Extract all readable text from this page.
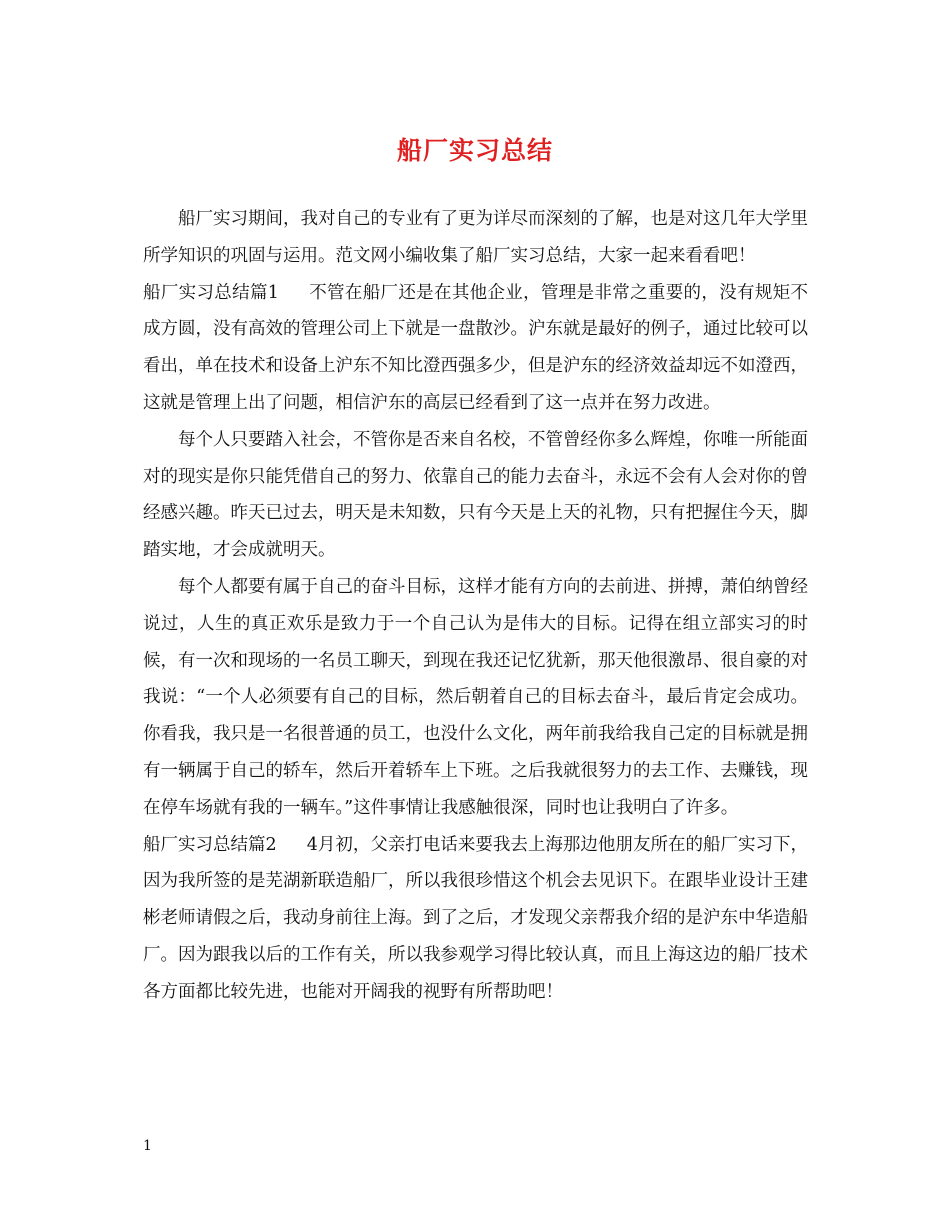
船厂实习总结

船厂实习期间，我对自己的专业有了更为详尽而深刻的了解，也是对这几年大学里所学知识的巩固与运用。范文网小编收集了船厂实习总结，大家一起来看看吧！

船厂实习总结篇1 不管在船厂还是在其他企业，管理是非常之重要的，没有规矩不成方圆，没有高效的管理公司上下就是一盘散沙。沪东就是最好的例子，通过比较可以看出，单在技术和设备上沪东不知比澄西强多少，但是沪东的经济效益却远不如澄西，这就是管理上出了问题，相信沪东的高层已经看到了这一点并在努力改进。

每个人只要踏入社会，不管你是否来自名校，不管曾经你多么辉煌，你唯一所能面对的现实是你只能凭借自己的努力、依靠自己的能力去奋斗，永远不会有人会对你的曾经感兴趣。昨天已过去，明天是未知数，只有今天是上天的礼物，只有把握住今天，脚踏实地，才会成就明天。

每个人都要有属于自己的奋斗目标，这样才能有方向的去前进、拼搏，萧伯纳曾经说过，人生的真正欢乐是致力于一个自己认为是伟大的目标。记得在组立部实习的时候，有一次和现场的一名员工聊天，到现在我还记忆犹新，那天他很激昂、很自豪的对我说：“一个人必须要有自己的目标，然后朝着自己的目标去奋斗，最后肯定会成功。你看我，我只是一名很普通的员工，也没什么文化，两年前我给我自己定的目标就是拥有一辆属于自己的轿车，然后开着轿车上下班。之后我就很努力的去工作、去赚钱，现在停车场就有我的一辆车。”这件事情让我感触很深，同时也让我明白了许多。

船厂实习总结篇2 4月初，父亲打电话来要我去上海那边他朋友所在的船厂实习下，因为我所签的是芜湖新联造船厂，所以我很珍惜这个机会去见识下。在跟毕业设计王建彬老师请假之后，我动身前往上海。到了之后，才发现父亲帮我介绍的是沪东中华造船厂。因为跟我以后的工作有关，所以我参观学习得比较认真，而且上海这边的船厂技术各方面都比较先进，也能对开阔我的视野有所帮助吧！

1
